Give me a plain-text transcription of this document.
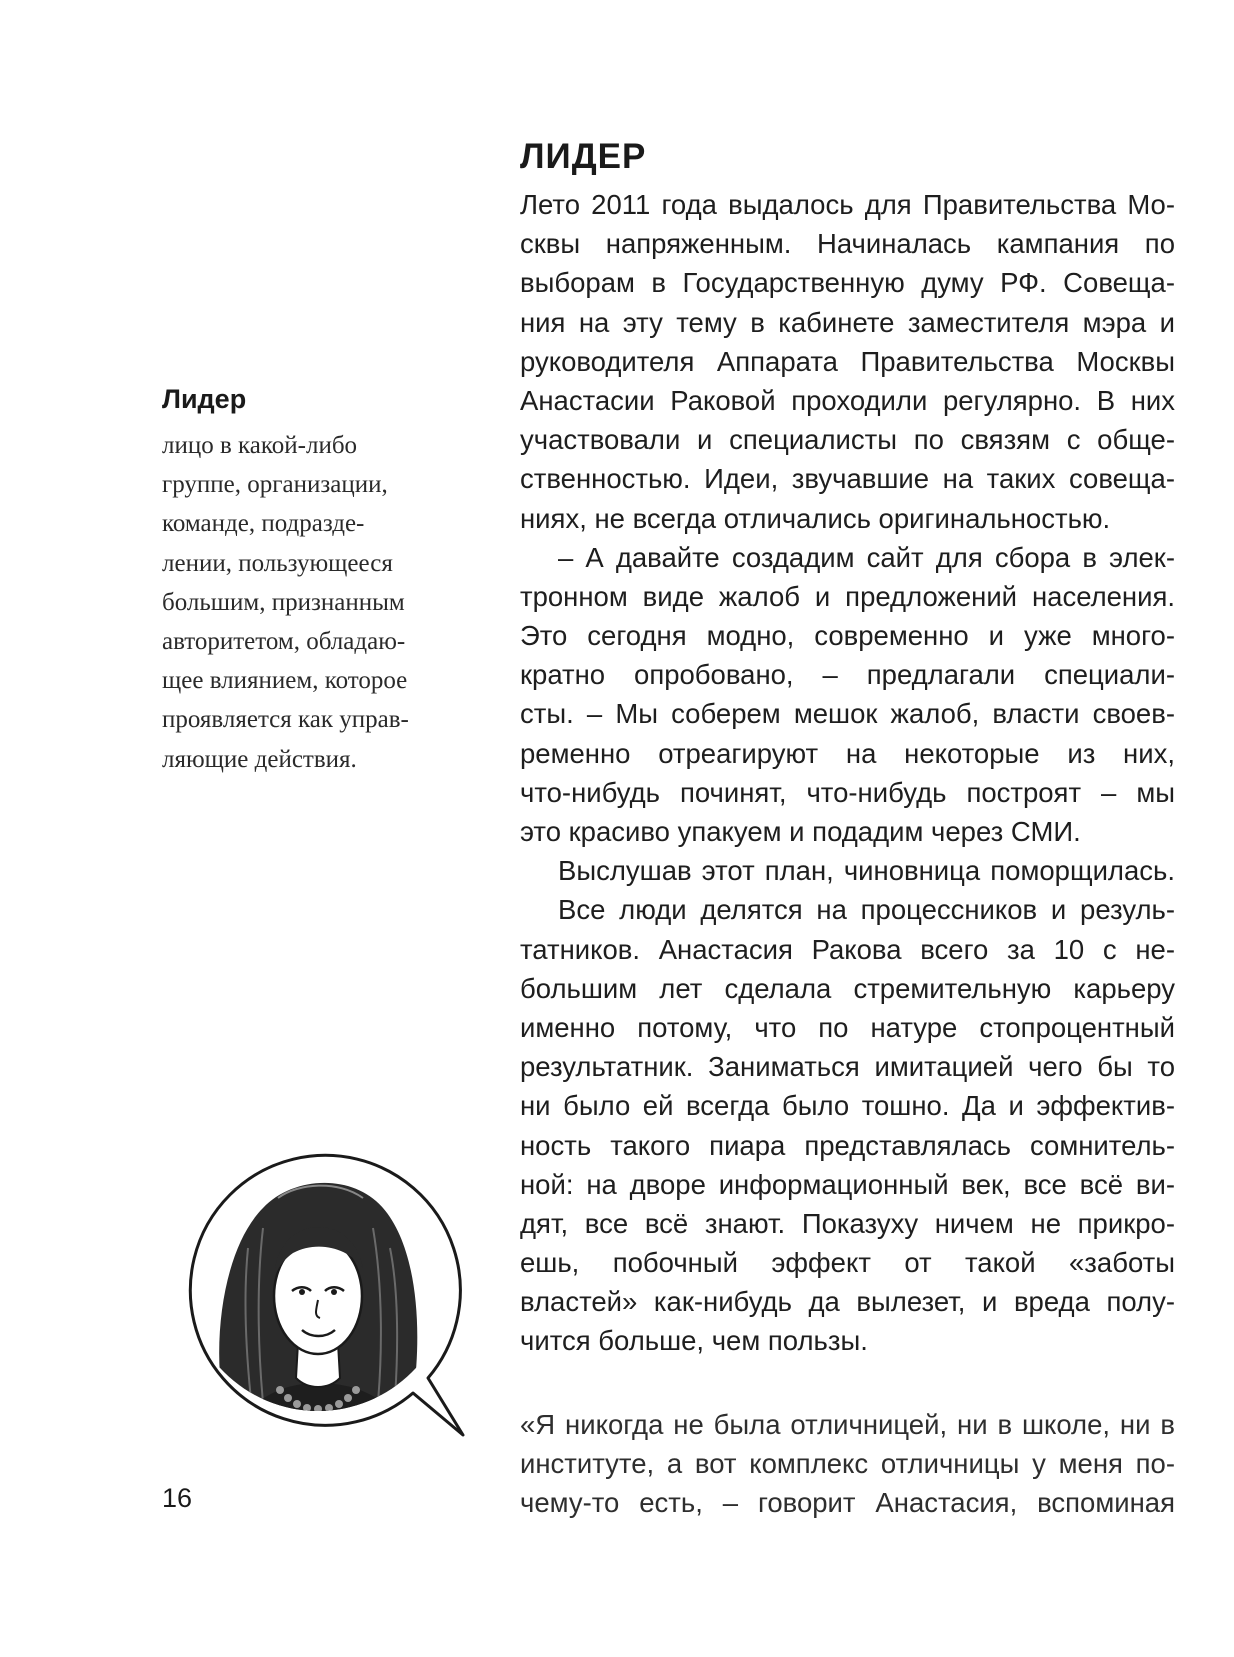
Лидер
лицо в какой-либо
группе, организации,
команде, подразде-
лении, пользующееся
большим, признанным
авторитетом, обладаю-
щее влиянием, которое
проявляется как управ-
ляющие действия.
ЛИДЕР
Лето 2011 года выдалось для Правительства Мо-
сквы напряженным. Начиналась кампания по
выборам в Государственную думу РФ. Совеща-
ния на эту тему в кабинете заместителя мэра и
руководителя Аппарата Правительства Москвы
Анастасии Раковой проходили регулярно. В них
участвовали и специалисты по связям с обще-
ственностью. Идеи, звучавшие на таких совеща-
ниях, не всегда отличались оригинальностью.
– А давайте создадим сайт для сбора в элек-
тронном виде жалоб и предложений населения.
Это сегодня модно, современно и уже много-
кратно опробовано, – предлагали специали-
сты. – Мы соберем мешок жалоб, власти своев-
ременно отреагируют на некоторые из них,
что-нибудь починят, что-нибудь построят – мы
это красиво упакуем и подадим через СМИ.
Выслушав этот план, чиновница поморщилась.
Все люди делятся на процессников и резуль-
татников. Анастасия Ракова всего за 10 с не-
большим лет сделала стремительную карьеру
именно потому, что по натуре стопроцентный
результатник. Заниматься имитацией чего бы то
ни было ей всегда было тошно. Да и эффектив-
ность такого пиара представлялась сомнитель-
ной: на дворе информационный век, все всё ви-
дят, все всё знают. Показуху ничем не прикро-
ешь, побочный эффект от такой «заботы
властей» как-нибудь да вылезет, и вреда полу-
чится больше, чем пользы.
«Я никогда не была отличницей, ни в школе, ни в
институте, а вот комплекс отличницы у меня по-
чему-то есть, – говорит Анастасия, вспоминая
16
